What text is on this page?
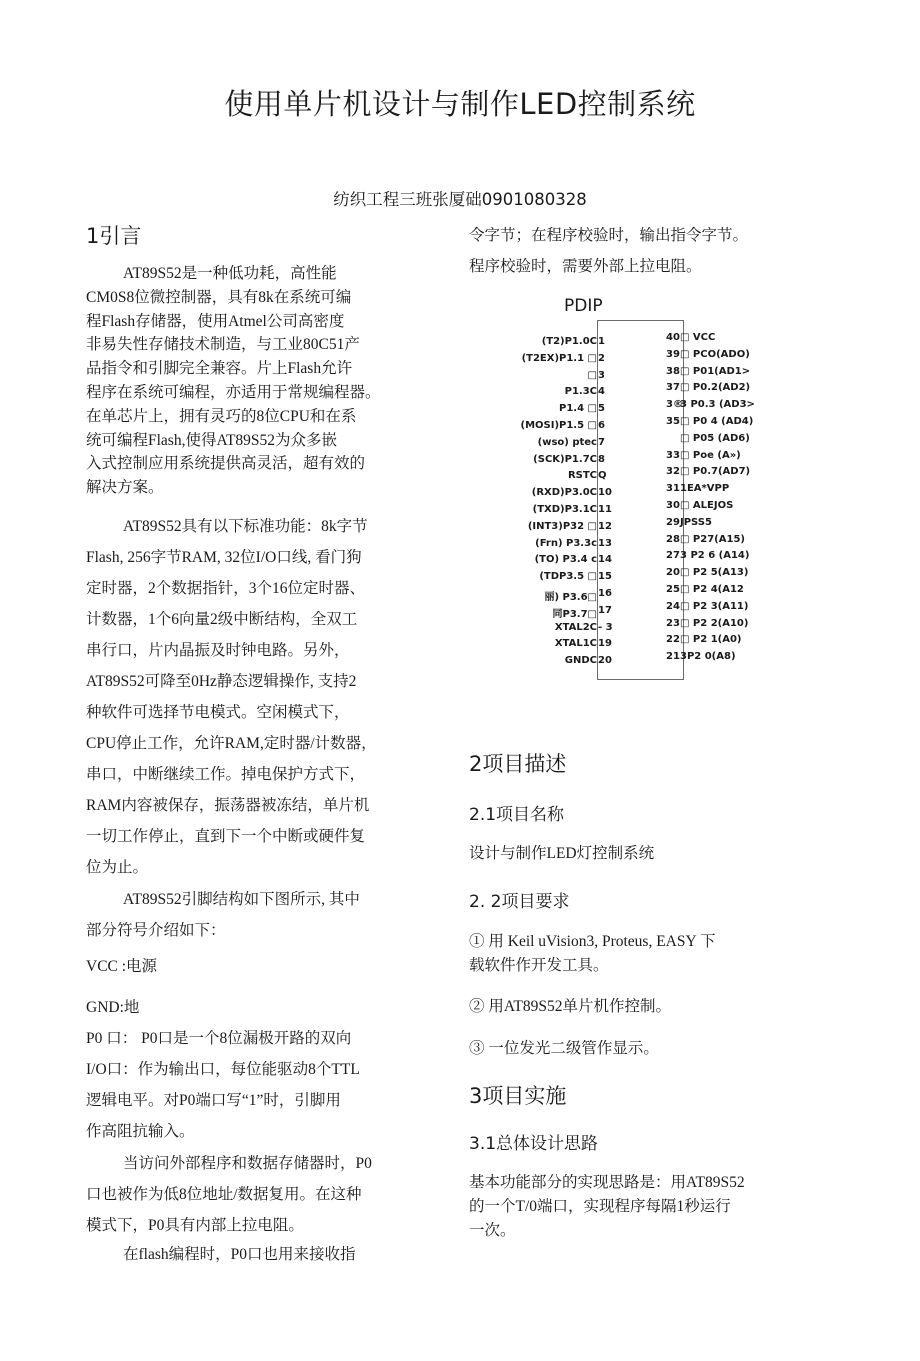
使用单片机设计与制作LED控制系统
纺织工程三班张厦础0901080328
1引言
AT89S52是一种低功耗，高性能
CM0S8位微控制器，具有8k在系统可编
程Flash存储器，使用Atmel公司高密度
非易失性存储技术制造，与工业80C51产
品指令和引脚完全兼容。片上Flash允许
程序在系统可编程，亦适用于常规编程器。
在单芯片上，拥有灵巧的8位CPU和在系
统可编程Flash,使得AT89S52为众多嵌
入式控制应用系统提供高灵活，超有效的
解决方案。
AT89S52具有以下标准功能：8k字节
Flash, 256字节RAM, 32位I/O口线, 看门狗
定时器，2个数据指针，3个16位定时器、
计数器，1个6向量2级中断结构，全双工
串行口，片内晶振及时钟电路。另外，
AT89S52可降至0Hz静态逻辑操作, 支持2
种软件可选择节电模式。空闲模式下，
CPU停止工作，允许RAM,定时器/计数器，
串口，中断继续工作。掉电保护方式下，
RAM内容被保存，振荡器被冻结，单片机
一切工作停止，直到下一个中断或硬件复
位为止。
AT89S52引脚结构如下图所示, 其中
部分符号介绍如下：
VCC :电源
GND:地
P0 口： P0口是一个8位漏极开路的双向
I/O口：作为输出口，每位能驱动8个TTL
逻辑电平。对P0端口写“1”时，引脚用
作高阻抗输入。
当访问外部程序和数据存储器时，P0
口也被作为低8位地址/数据复用。在这种
模式下，P0具有内部上拉电阻。
在flash编程时，P0口也用来接收指
令字节；在程序校验时，输出指令字节。
程序校验时，需要外部上拉电阻。
PDIP
(T2)P1.0C 1
(T2EX)P1.1 □ 2
□ 3
P1.3C 4
P1.4 □ 5
(MOSI)P1.5 □ 6
(wso) ptec 7
(SCK)P1.7C 8
RSTC Q
(RXD)P3.0C 10
(TXD)P3.1C 11
(INT3)P32 □ 12
(Frn) P3.3c 13
(TO) P3.4 c 14
(TDP3.5 □ 15
丽) P3.6□ 16
同P3.7□ 17
XTAL2C - 3
XTAL1C 19
GNDC 20
40 □ VCC
39 □ PCO(ADO)
38 □ P01(AD1>
37 □ P0.2(AD2)
3®
3 P0.3 (AD3>
35 □ P0 4 (AD4)
□ P05 (AD6)
33 □ Poe (A»)
32 □ P0.7(AD7)
31 1EA*VPP
30 □ ALEJOS
29 JPSS5
28 □ P27(A15)
27 3 P2 6 (A14)
20 □ P2 5(A13)
25 □ P2 4(A12
24 □ P2 3(A11)
23 □ P2 2(A10)
22 □ P2 1(A0)
21 3P2 0(A8)
2项目描述
2.1项目名称
设计与制作LED灯控制系统
2. 2项目要求
① 用 Keil uVision3, Proteus, EASY 下
载软件作开发工具。
② 用AT89S52单片机作控制。
③ 一位发光二级管作显示。
3项目实施
3.1总体设计思路
基本功能部分的实现思路是：用AT89S52
的一个T/0端口，实现程序每隔1秒运行
一次。
